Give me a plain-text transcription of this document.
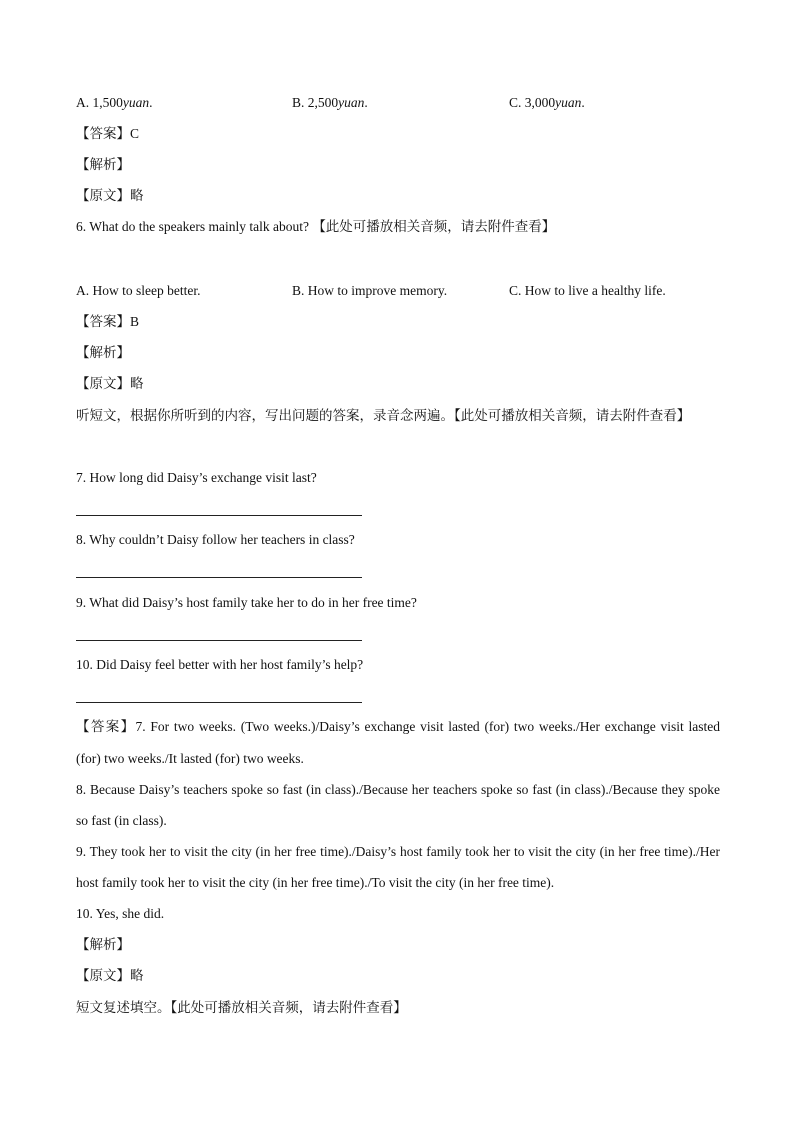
A. 1,500yuan.	B. 2,500yuan.	C. 3,000yuan.
【答案】C
【解析】
【原文】略
6. What do the speakers mainly talk about? 【此处可播放相关音频，请去附件查看】
A. How to sleep better.	B. How to improve memory.	C. How to live a healthy life.
【答案】B
【解析】
【原文】略
听短文，根据你所听到的内容，写出问题的答案，录音念两遍。【此处可播放相关音频，请去附件查看】
7. How long did Daisy’s exchange visit last?
8. Why couldn’t Daisy follow her teachers in class?
9. What did Daisy’s host family take her to do in her free time?
10. Did Daisy feel better with her host family’s help?
【答案】7. For two weeks. (Two weeks.)/Daisy’s exchange visit lasted (for) two weeks./Her exchange visit lasted (for) two weeks./It lasted (for) two weeks.
8. Because Daisy’s teachers spoke so fast (in class)./Because her teachers spoke so fast (in class)./Because they spoke so fast (in class).
9. They took her to visit the city (in her free time)./Daisy’s host family took her to visit the city (in her free time)./Her host family took her to visit the city (in her free time)./To visit the city (in her free time).
10. Yes, she did.
【解析】
【原文】略
短文复述填空。【此处可播放相关音频，请去附件查看】
